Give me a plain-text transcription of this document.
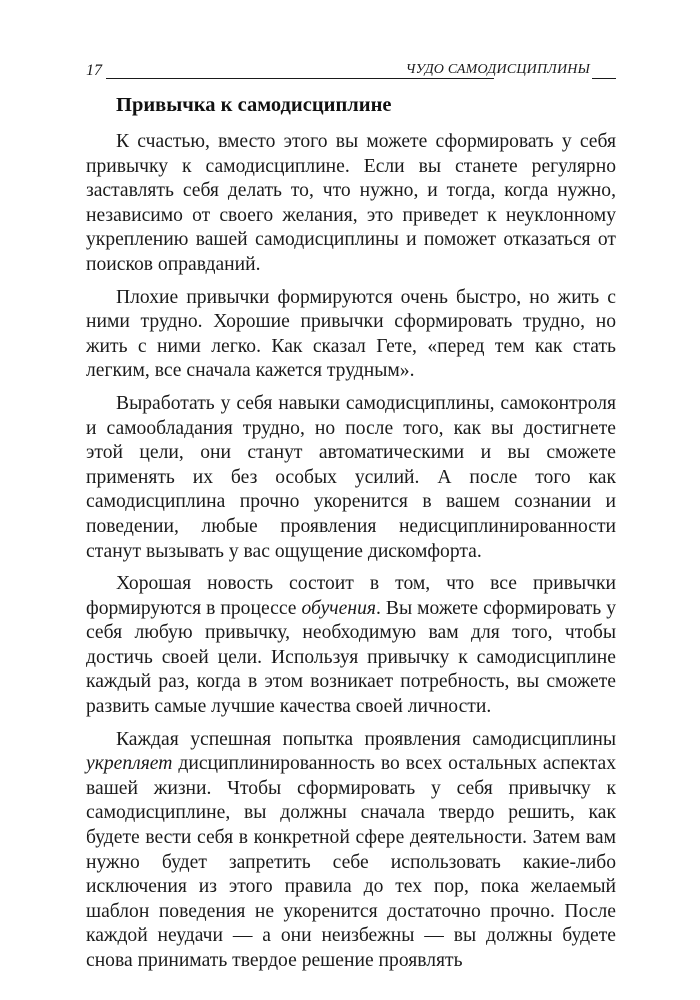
17	ЧУДО САМОДИСЦИПЛИНЫ
Привычка к самодисциплине

К счастью, вместо этого вы можете сформировать у себя привычку к самодисциплине. Если вы станете регулярно заставлять себя делать то, что нужно, и тогда, когда нужно, независимо от своего желания, это приведет к неуклонному укреплению вашей самодисциплины и поможет отказаться от поисков оправданий.

Плохие привычки формируются очень быстро, но жить с ними трудно. Хорошие привычки сформировать трудно, но жить с ними легко. Как сказал Гете, «перед тем как стать легким, все сначала кажется трудным».

Выработать у себя навыки самодисциплины, самоконтроля и самообладания трудно, но после того, как вы достигнете этой цели, они станут автоматическими и вы сможете применять их без особых усилий. А после того как самодисциплина прочно укоренится в вашем сознании и поведении, любые проявления недисциплинированности станут вызывать у вас ощущение дискомфорта.

Хорошая новость состоит в том, что все привычки формируются в процессе обучения. Вы можете сформировать у себя любую привычку, необходимую вам для того, чтобы достичь своей цели. Используя привычку к самодисциплине каждый раз, когда в этом возникает потребность, вы сможете развить самые лучшие качества своей личности.

Каждая успешная попытка проявления самодисциплины укрепляет дисциплинированность во всех остальных аспектах вашей жизни. Чтобы сформировать у себя привычку к самодисциплине, вы должны сначала твердо решить, как будете вести себя в конкретной сфере деятельности. Затем вам нужно будет запретить себе использовать какие-либо исключения из этого правила до тех пор, пока желаемый шаблон поведения не укоренится достаточно прочно. После каждой неудачи — а они неизбежны — вы должны будете снова принимать твердое решение проявлять
